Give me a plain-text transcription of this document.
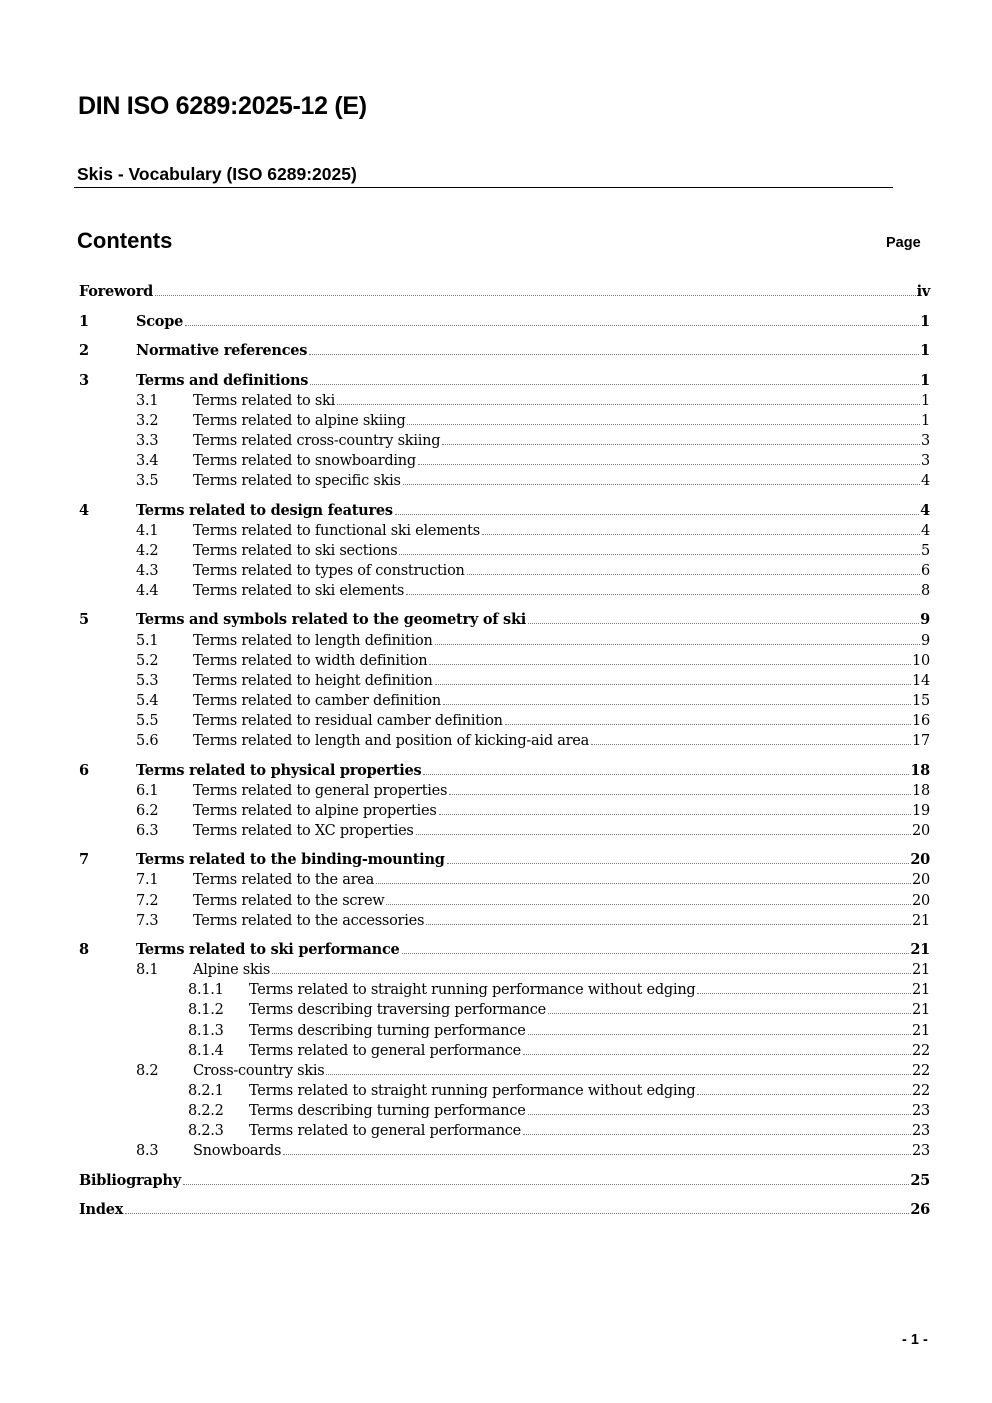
DIN ISO 6289:2025-12 (E)
Skis - Vocabulary (ISO 6289:2025)
Contents	Page
Foreword	iv
1	Scope	1
2	Normative references	1
3	Terms and definitions	1
3.1	Terms related to ski	1
3.2	Terms related to alpine skiing	1
3.3	Terms related cross-country skiing	3
3.4	Terms related to snowboarding	3
3.5	Terms related to specific skis	4
4	Terms related to design features	4
4.1	Terms related to functional ski elements	4
4.2	Terms related to ski sections	5
4.3	Terms related to types of construction	6
4.4	Terms related to ski elements	8
5	Terms and symbols related to the geometry of ski	9
5.1	Terms related to length definition	9
5.2	Terms related to width definition	10
5.3	Terms related to height definition	14
5.4	Terms related to camber definition	15
5.5	Terms related to residual camber definition	16
5.6	Terms related to length and position of kicking-aid area	17
6	Terms related to physical properties	18
6.1	Terms related to general properties	18
6.2	Terms related to alpine properties	19
6.3	Terms related to XC properties	20
7	Terms related to the binding-mounting	20
7.1	Terms related to the area	20
7.2	Terms related to the screw	20
7.3	Terms related to the accessories	21
8	Terms related to ski performance	21
8.1	Alpine skis	21
8.1.1	Terms related to straight running performance without edging	21
8.1.2	Terms describing traversing performance	21
8.1.3	Terms describing turning performance	21
8.1.4	Terms related to general performance	22
8.2	Cross-country skis	22
8.2.1	Terms related to straight running performance without edging	22
8.2.2	Terms describing turning performance	23
8.2.3	Terms related to general performance	23
8.3	Snowboards	23
Bibliography	25
Index	26
- 1 -
